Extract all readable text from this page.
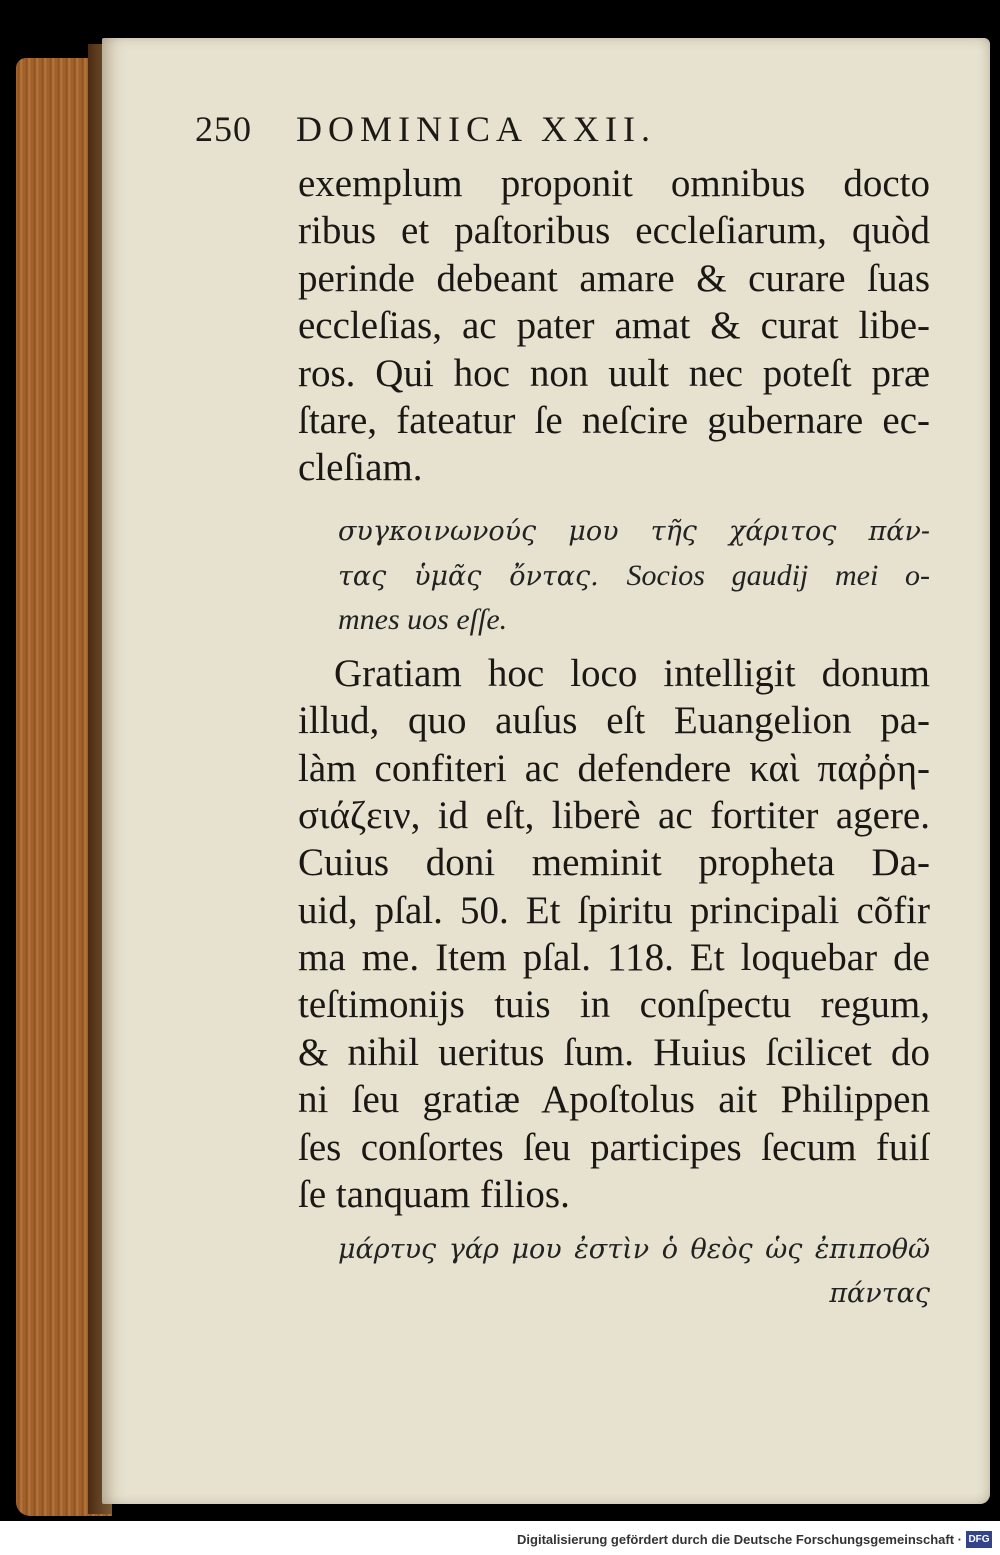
250 DOMINICA XXII.
exemplum proponit omnibus docto
ribus et paſtoribus eccleſiarum, quòd
perinde debeant amare & curare ſuas
eccleſias, ac pater amat & curat libe-
ros. Qui hoc non uult nec poteſt præ
ſtare, fateatur ſe neſcire gubernare ec-
cleſiam.
συγκοινωνούς μου τῆς χάριτος πάν-
τας ὑμᾶς ὄντας. Socios gaudij mei o-
mnes uos eſſe.
Gratiam hoc loco intelligit donum
illud, quo auſus eſt Euangelion pa-
làm confiteri ac defendere καὶ παῤῥη-
σιάζειν, id eſt, liberè ac fortiter agere.
Cuius doni meminit propheta Da-
uid, pſal. 50. Et ſpiritu principali cõfir
ma me. Item pſal. 118. Et loquebar de
teſtimonijs tuis in conſpectu regum,
& nihil ueritus ſum. Huius ſcilicet do
ni ſeu gratiæ Apoſtolus ait Philippen
ſes conſortes ſeu participes ſecum fuiſ
ſe tanquam filios.
μάρτυς γάρ μου ἐστὶν ὁ θεὸς ὡς ἐπιποθῶ
πάντας
Digitalisierung gefördert durch die Deutsche Forschungsgemeinschaft · DFG
